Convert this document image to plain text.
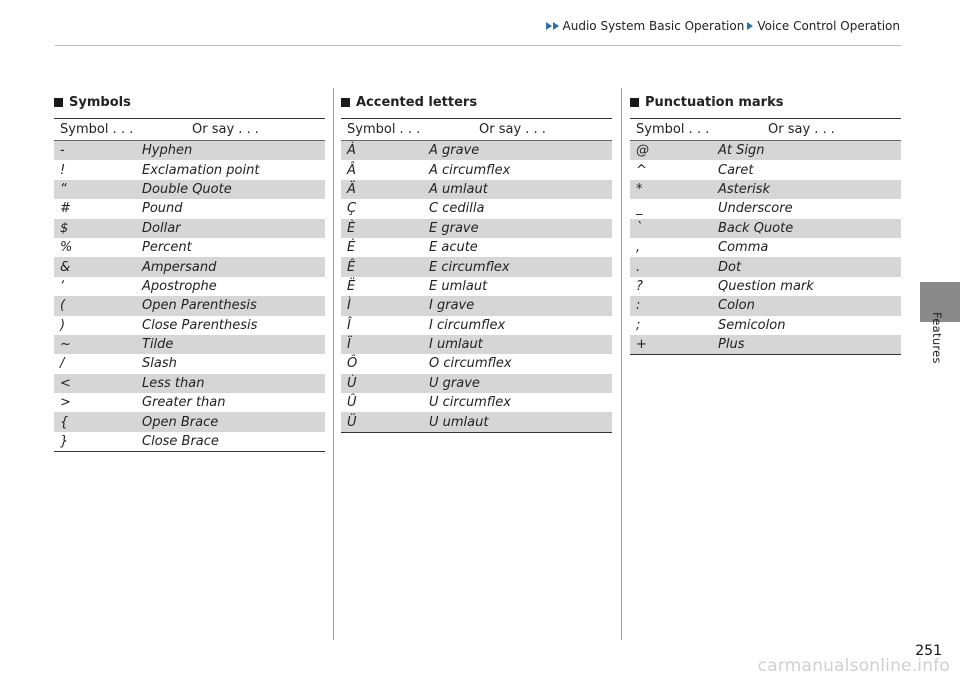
Audio System Basic Operation Voice Control Operation
Features
Symbols
Symbol . . .	Or say . . .
-	Hyphen
!	Exclamation point
“	Double Quote
#	Pound
$	Dollar
%	Percent
&	Ampersand
‘	Apostrophe
(	Open Parenthesis
)	Close Parenthesis
~	Tilde
/	Slash
<	Less than
>	Greater than
{	Open Brace
}	Close Brace
Accented letters
Symbol . . .	Or say . . .
À	A grave
Â	A circumflex
Ä	A umlaut
Ç	C cedilla
È	E grave
É	E acute
Ê	E circumflex
Ë	E umlaut
Ì	I grave
Î	I circumflex
Ï	I umlaut
Ô	O circumflex
Ù	U grave
Û	U circumflex
Ü	U umlaut
Punctuation marks
Symbol . . .	Or say . . .
@	At Sign
^	Caret
*	Asterisk
_	Underscore
`	Back Quote
,	Comma
.	Dot
?	Question mark
:	Colon
;	Semicolon
+	Plus
251
carmanualsonline.info
